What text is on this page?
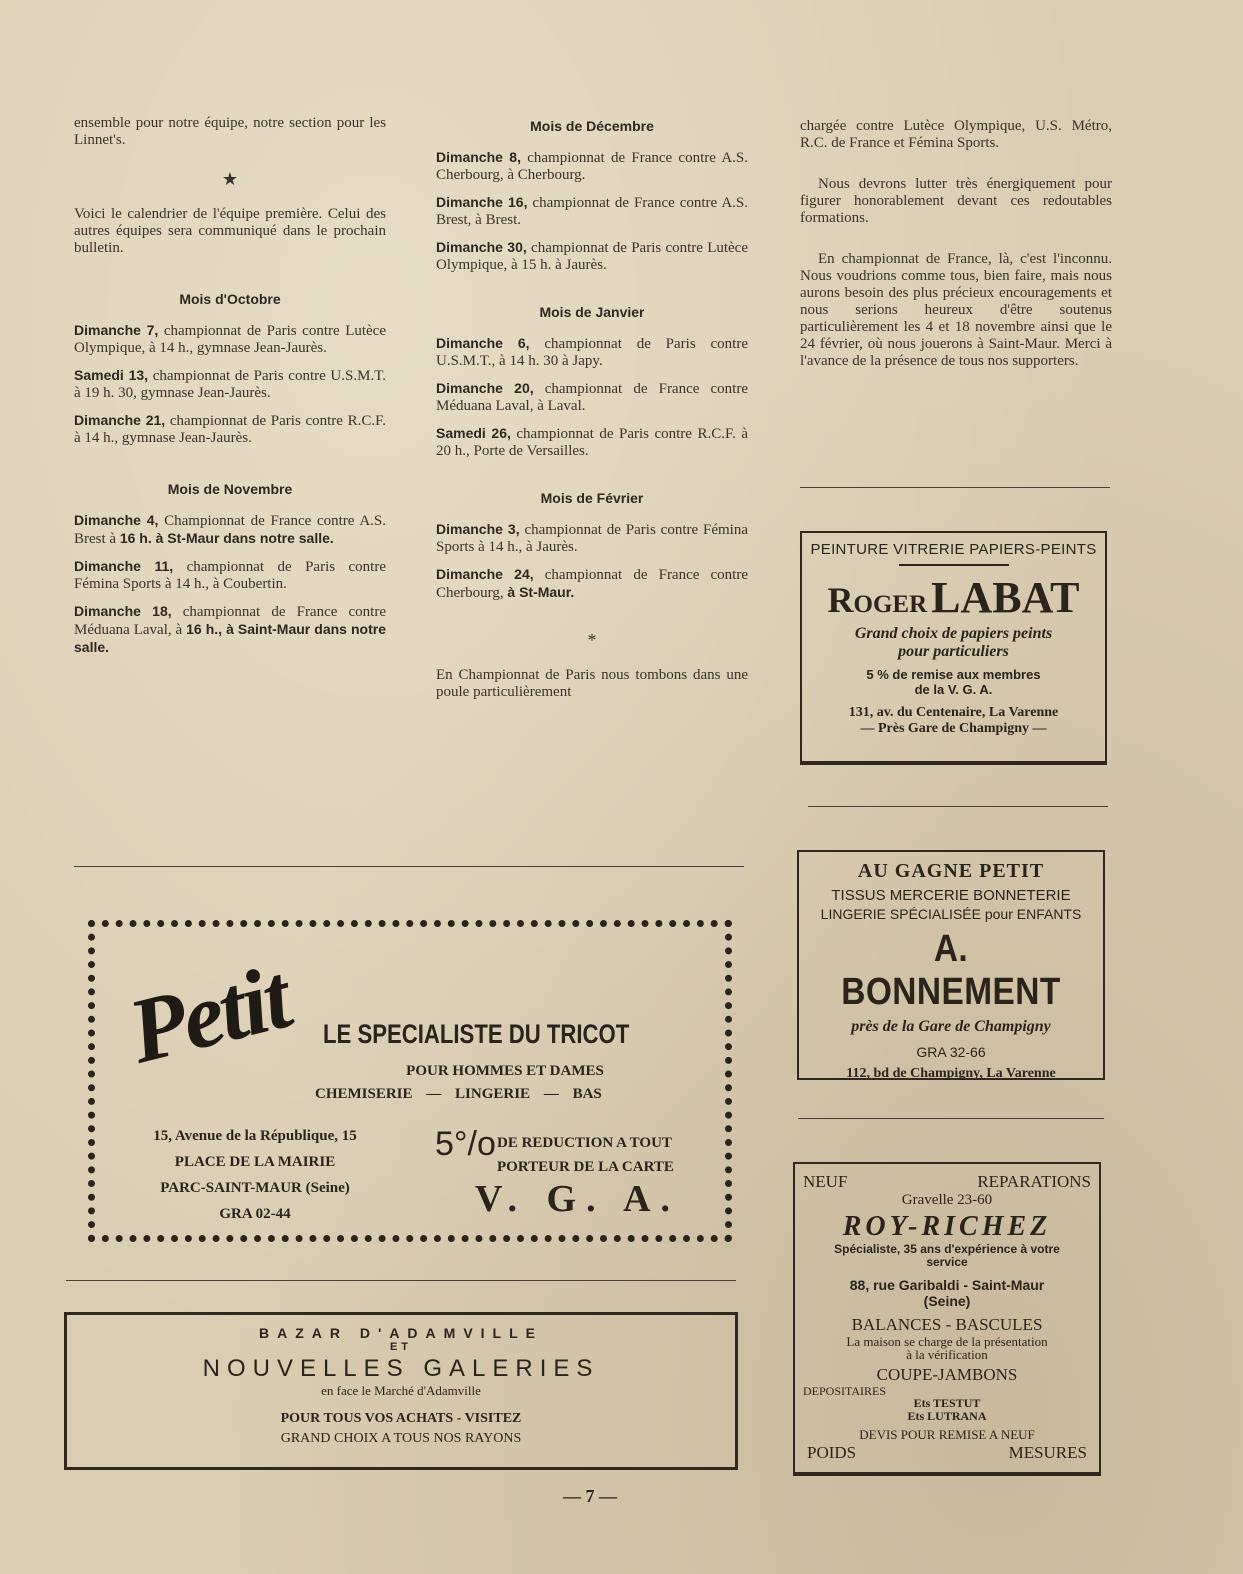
ensemble pour notre équipe, notre section pour les Linnet's.

★

Voici le calendrier de l'équipe première. Celui des autres équipes sera communiqué dans le prochain bulletin.

Mois d'Octobre

Dimanche 7, championnat de Paris contre Lutèce Olympique, à 14 h., gymnase Jean-Jaurès.

Samedi 13, championnat de Paris contre U.S.M.T. à 19 h. 30, gymnase Jean-Jaurès.

Dimanche 21, championnat de Paris contre R.C.F. à 14 h., gymnase Jean-Jaurès.

Mois de Novembre

Dimanche 4, Championnat de France contre A.S. Brest à 16 h. à St-Maur dans notre salle.

Dimanche 11, championnat de Paris contre Fémina Sports à 14 h., à Coubertin.

Dimanche 18, championnat de France contre Méduana Laval, à 16 h., à Saint-Maur dans notre salle.

Mois de Décembre

Dimanche 8, championnat de France contre A.S. Cherbourg, à Cherbourg.

Dimanche 16, championnat de France contre A.S. Brest, à Brest.

Dimanche 30, championnat de Paris contre Lutèce Olympique, à 15 h. à Jaurès.

Mois de Janvier

Dimanche 6, championnat de Paris contre U.S.M.T., à 14 h. 30 à Japy.

Dimanche 20, championnat de France contre Méduana Laval, à Laval.

Samedi 26, championnat de Paris contre R.C.F. à 20 h., Porte de Versailles.

Mois de Février

Dimanche 3, championnat de Paris contre Fémina Sports à 14 h., à Jaurès.

Dimanche 24, championnat de France contre Cherbourg, à St-Maur.

*

En Championnat de Paris nous tombons dans une poule particulièrement

chargée contre Lutèce Olympique, U.S. Métro, R.C. de France et Fémina Sports.

Nous devrons lutter très énergiquement pour figurer honorablement devant ces redoutables formations.

En championnat de France, là, c'est l'inconnu. Nous voudrions comme tous, bien faire, mais nous aurons besoin des plus précieux encouragements et nous serions heureux d'être soutenus particulièrement les 4 et 18 novembre ainsi que le 24 février, où nous jouerons à Saint-Maur. Merci à l'avance de la présence de tous nos supporters.

PEINTURE VITRERIE PAPIERS-PEINTS
Roger LABAT
Grand choix de papiers peints
pour particuliers
5 % de remise aux membres
de la V. G. A.
131, av. du Centenaire, La Varenne
— Près Gare de Champigny —
AU GAGNE PETIT
TISSUS MERCERIE BONNETERIE
LINGERIE SPÉCIALISÉE pour ENFANTS
A. BONNEMENT
près de la Gare de Champigny
GRA 32-66
112, bd de Champigny, La Varenne
Petit LE SPECIALISTE DU TRICOT
POUR HOMMES ET DAMES
CHEMISERIE — LINGERIE — BAS
15, Avenue de la République, 15
PLACE DE LA MAIRIE
PARC-SAINT-MAUR (Seine)
GRA 02-44
5°/o DE REDUCTION A TOUT
PORTEUR DE LA CARTE
V. G. A.
BAZAR D'ADAMVILLE
ET
NOUVELLES GALERIES
en face le Marché d'Adamville
POUR TOUS VOS ACHATS - VISITEZ
GRAND CHOIX A TOUS NOS RAYONS
NEUF	REPARATIONS
Gravelle 23-60
ROY-RICHEZ
Spécialiste, 35 ans d'expérience à votre service
88, rue Garibaldi - Saint-Maur
(Seine)
BALANCES - BASCULES
La maison se charge de la présentation
à la vérification
COUPE-JAMBONS
DEPOSITAIRES
Ets TESTUT
Ets LUTRANA
DEVIS POUR REMISE A NEUF
POIDS	MESURES
— 7 —
